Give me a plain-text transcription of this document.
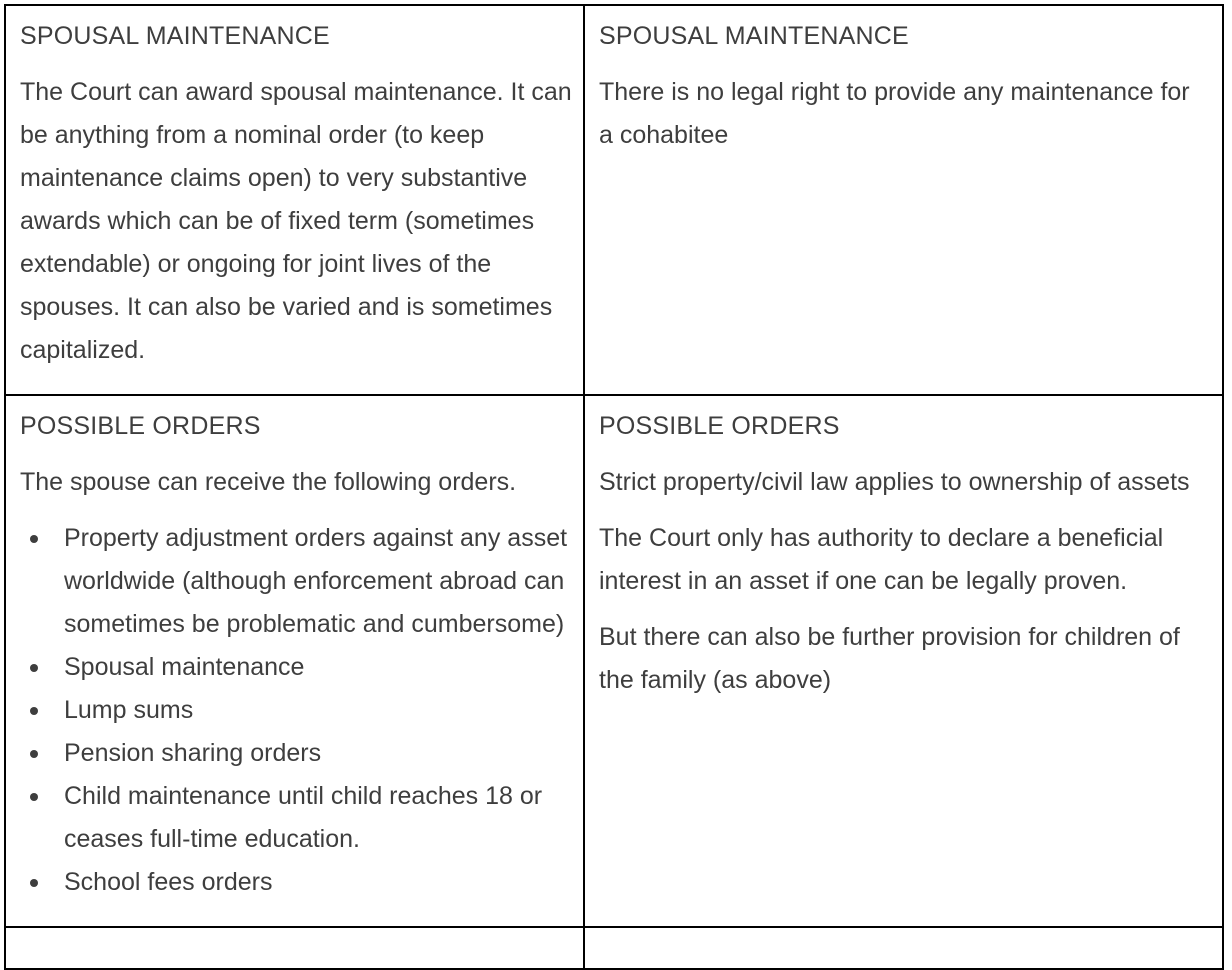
SPOUSAL MAINTENANCE

The Court can award spousal maintenance. It can be anything from a nominal order (to keep maintenance claims open) to very substantive awards which can be of fixed term (sometimes extendable) or ongoing for joint lives of the spouses. It can also be varied and is sometimes capitalized.

SPOUSAL MAINTENANCE

There is no legal right to provide any maintenance for a cohabitee

POSSIBLE ORDERS

The spouse can receive the following orders.

Property adjustment orders against any asset worldwide (although enforcement abroad can sometimes be problematic and cumbersome)
Spousal maintenance
Lump sums
Pension sharing orders
Child maintenance until child reaches 18 or ceases full-time education.
School fees orders

POSSIBLE ORDERS

Strict property/civil law applies to ownership of assets

The Court only has authority to declare a beneficial interest in an asset if one can be legally proven.

But there can also be further provision for children of the family (as above)
